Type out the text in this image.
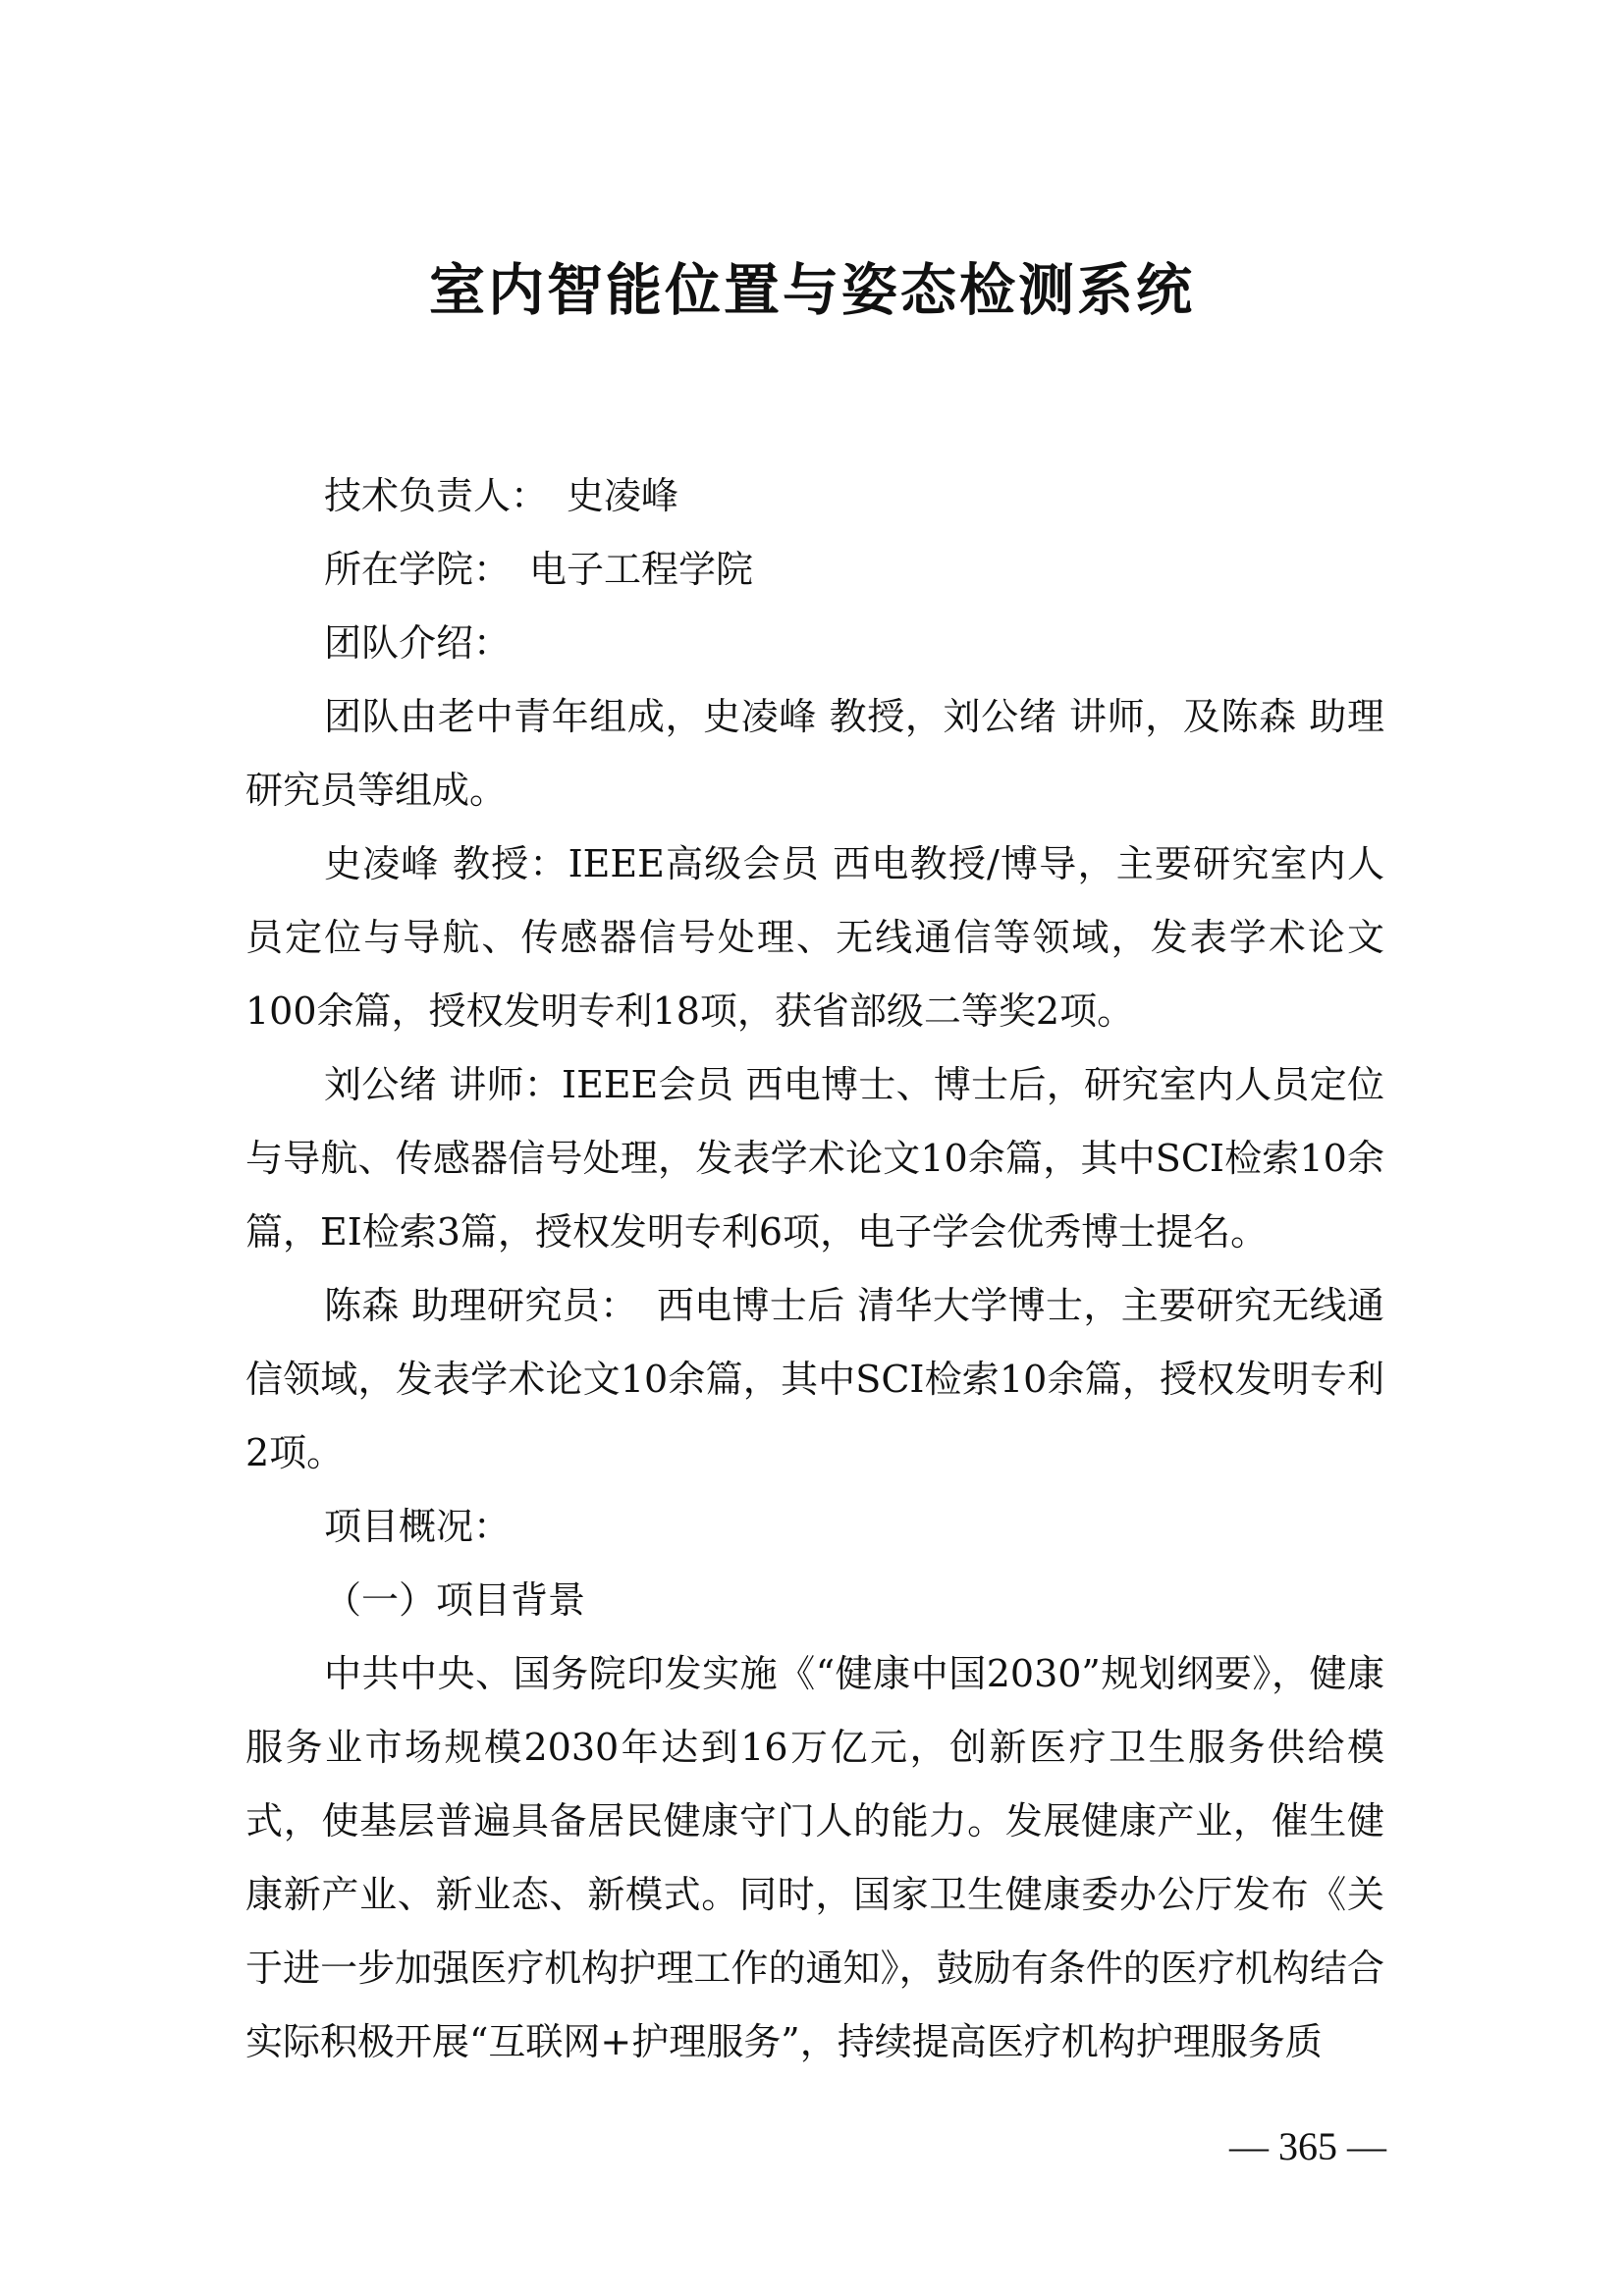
室内智能位置与姿态检测系统

技术负责人：　史凌峰

所在学院：　电子工程学院

团队介绍：

团队由老中青年组成，史凌峰 教授，刘公绪 讲师，及陈森 助理研究员等组成。

史凌峰 教授：IEEE高级会员 西电教授/博导，主要研究室内人员定位与导航、传感器信号处理、无线通信等领域，发表学术论文100余篇，授权发明专利18项，获省部级二等奖2项。

刘公绪 讲师：IEEE会员 西电博士、博士后，研究室内人员定位与导航、传感器信号处理，发表学术论文10余篇，其中SCI检索10余篇，EI检索3篇，授权发明专利6项，电子学会优秀博士提名。

陈森 助理研究员：　西电博士后 清华大学博士，主要研究无线通信领域，发表学术论文10余篇，其中SCI检索10余篇，授权发明专利2项。

项目概况：

（一）项目背景

中共中央、国务院印发实施《“健康中国2030”规划纲要》，健康服务业市场规模2030年达到16万亿元，创新医疗卫生服务供给模式，使基层普遍具备居民健康守门人的能力。发展健康产业，催生健康新产业、新业态、新模式。同时，国家卫生健康委办公厅发布《关于进一步加强医疗机构护理工作的通知》，鼓励有条件的医疗机构结合实际积极开展“互联网+护理服务”，持续提高医疗机构护理服务质

— 365 —
